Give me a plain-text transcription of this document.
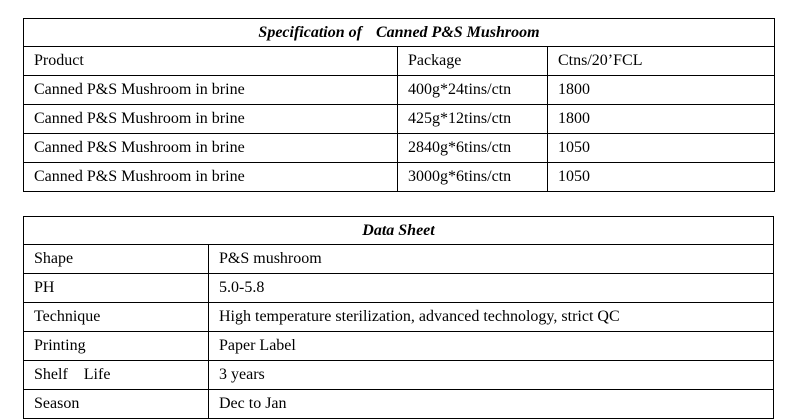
Specification of Canned P&S Mushroom		
Product	Package	Ctns/20’FCL
Canned P&S Mushroom in brine	400g*24tins/ctn	1800
Canned P&S Mushroom in brine	425g*12tins/ctn	1800
Canned P&S Mushroom in brine	2840g*6tins/ctn	1050
Canned P&S Mushroom in brine	3000g*6tins/ctn	1050
Data Sheet	
Shape	P&S mushroom
PH	5.0-5.8
Technique	High temperature sterilization, advanced technology, strict QC
Printing	Paper Label
Shelf    Life	3 years
Season	Dec to Jan
